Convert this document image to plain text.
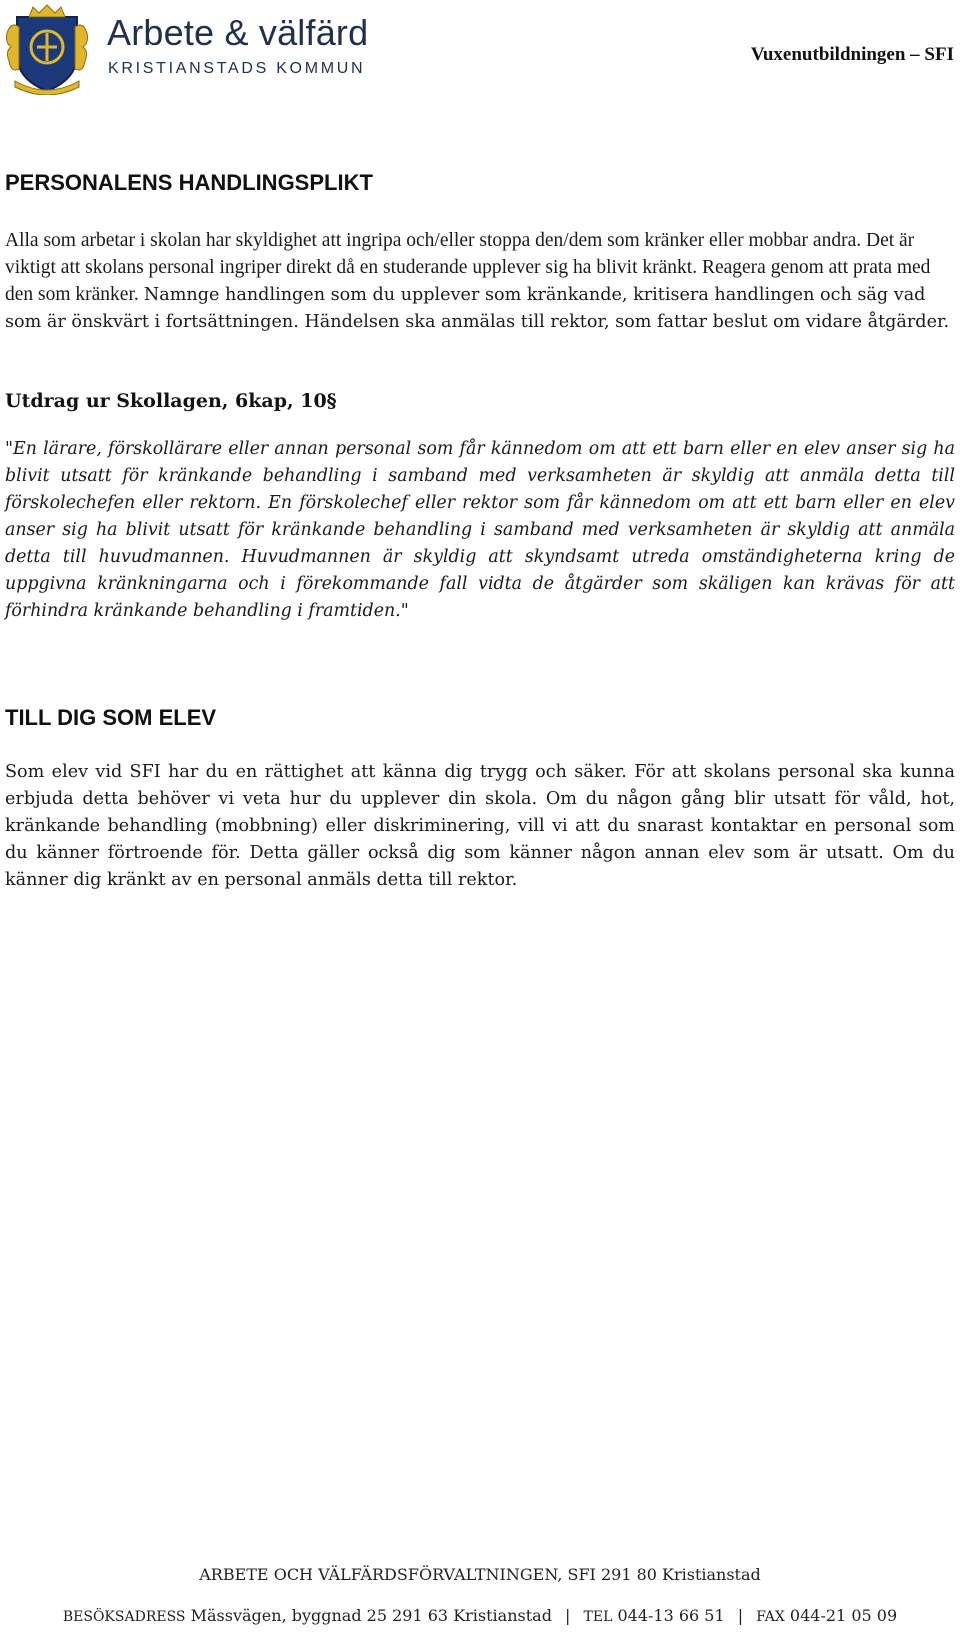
Arbete & välfärd
KRISTIANSTADS KOMMUN
Vuxenutbildningen – SFI
PERSONALENS HANDLINGSPLIKT

Alla som arbetar i skolan har skyldighet att ingripa och/eller stoppa den/dem som kränker eller mobbar andra. Det är viktigt att skolans personal ingriper direkt då en studerande upplever sig ha blivit kränkt. Reagera genom att prata med den som kränker. Namnge handlingen som du upplever som kränkande, kritisera handlingen och säg vad som är önskvärt i fortsättningen. Händelsen ska anmälas till rektor, som fattar beslut om vidare åtgärder.

Utdrag ur Skollagen, 6kap, 10§

"En lärare, förskollärare eller annan personal som får kännedom om att ett barn eller en elev anser sig ha blivit utsatt för kränkande behandling i samband med verksamheten är skyldig att anmäla detta till förskolechefen eller rektorn. En förskolechef eller rektor som får kännedom om att ett barn eller en elev anser sig ha blivit utsatt för kränkande behandling i samband med verksamheten är skyldig att anmäla detta till huvudmannen. Huvudmannen är skyldig att skyndsamt utreda omständigheterna kring de uppgivna kränkningarna och i förekommande fall vidta de åtgärder som skäligen kan krävas för att förhindra kränkande behandling i framtiden."

TILL DIG SOM ELEV

Som elev vid SFI har du en rättighet att känna dig trygg och säker. För att skolans personal ska kunna erbjuda detta behöver vi veta hur du upplever din skola. Om du någon gång blir utsatt för våld, hot, kränkande behandling (mobbning) eller diskriminering, vill vi att du snarast kontaktar en personal som du känner förtroende för. Detta gäller också dig som känner någon annan elev som är utsatt. Om du känner dig kränkt av en personal anmäls detta till rektor.

ARBETE OCH VÄLFÄRDSFÖRVALTNINGEN, SFI 291 80 Kristianstad
BESÖKSADRESS Mässvägen, byggnad 25 291 63 Kristianstad | TEL 044-13 66 51 | FAX 044-21 05 09
